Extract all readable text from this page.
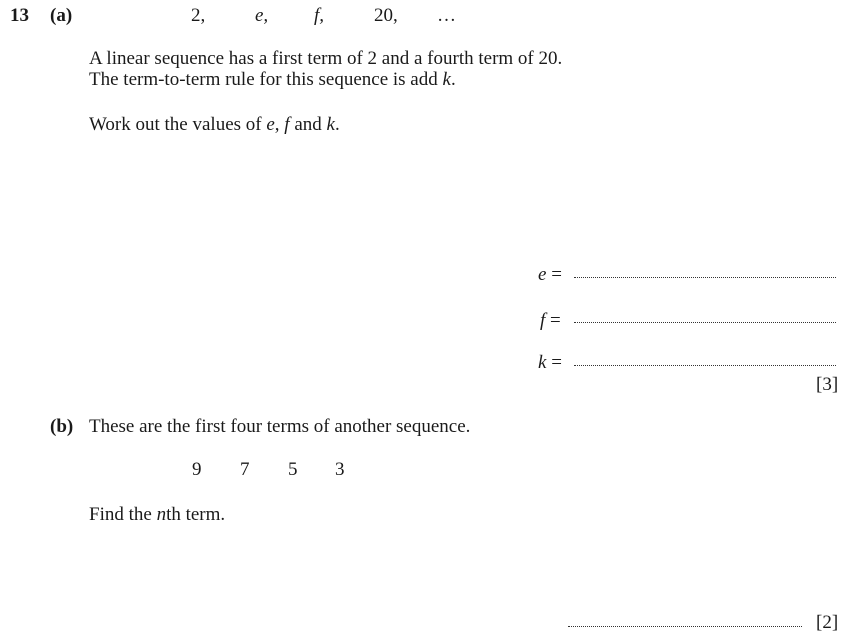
13 (a)	2,	e, f,	20, …
A linear sequence has a first term of 2 and a fourth term of 20.
The term-to-term rule for this sequence is add k.
Work out the values of e, f and k.
e =
f =
k =
[3]
(b) These are the first four terms of another sequence.
9 7 5 3
Find the nth term.
[2]
